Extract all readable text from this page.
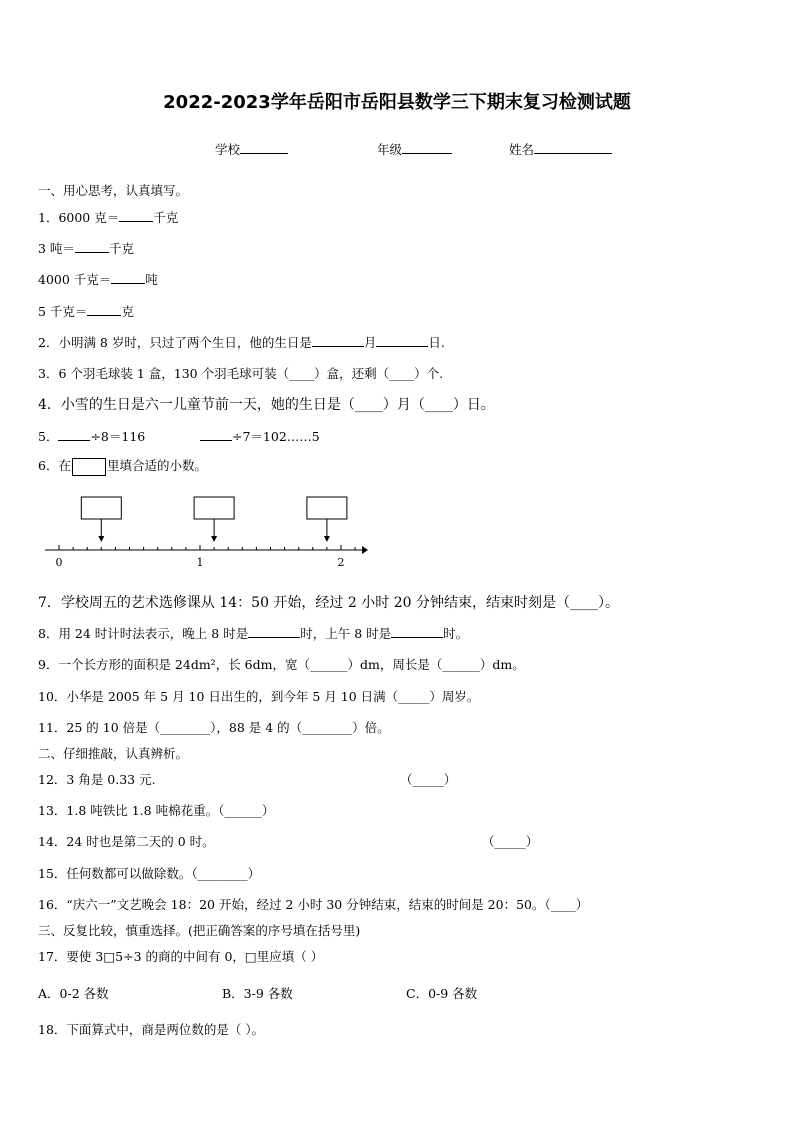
2022-2023学年岳阳市岳阳县数学三下期末复习检测试题
学校	年级	姓名
一、用心思考，认真填写。
1．6000 克＝	千克
3 吨＝	千克
4000 千克＝	吨
5 千克＝	克
2．小明满 8 岁时，只过了两个生日，他的生日是	月	日.
3．6 个羽毛球装 1 盒，130 个羽毛球可装（____）盒，还剩（____）个.
4．小雪的生日是六一儿童节前一天，她的生日是（____）月（____）日。
5．	÷8＝116	÷7＝102……5
6．在	里填合适的小数。
0	1	2
7．学校周五的艺术选修课从 14：50 开始，经过 2 小时 20 分钟结束，结束时刻是（____）。
8．用 24 时计时法表示，晚上 8 时是	时，上午 8 时是	时。
9．一个长方形的面积是 24dm²，长 6dm，宽（______）dm，周长是（______）dm。
10．小华是 2005 年 5 月 10 日出生的，到今年 5 月 10 日满（_____）周岁。
11．25 的 10 倍是（________），88 是 4 的（________）倍。
二、仔细推敲，认真辨析。
12．3 角是 0.33 元.	（_____）
13．1.8 吨铁比 1.8 吨棉花重。（______）
14．24 时也是第二天的 0 时。	（_____）
15．任何数都可以做除数。（________）
16．“庆六一”文艺晚会 18：20 开始，经过 2 小时 30 分钟结束，结束的时间是 20：50。（____）
三、反复比较，慎重选择。(把正确答案的序号填在括号里)
17．要使 3□5÷3 的商的中间有 0，□里应填（ ）
A．0-2 各数	B．3-9 各数	C．0-9 各数
18．下面算式中，商是两位数的是（ ）。
